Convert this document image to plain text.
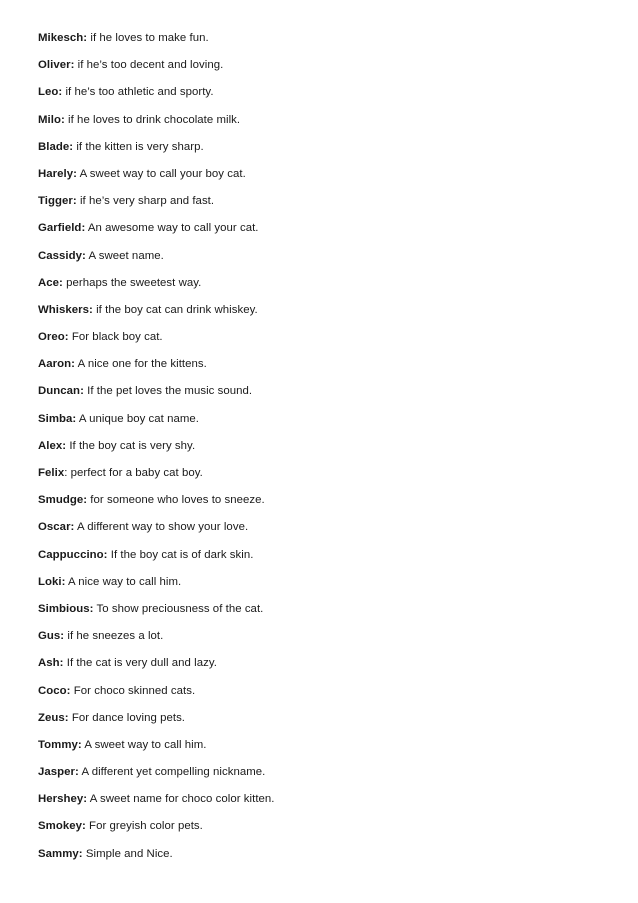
Mikesch: if he loves to make fun.
Oliver: if he’s too decent and loving.
Leo: if he’s too athletic and sporty.
Milo: if he loves to drink chocolate milk.
Blade: if the kitten is very sharp.
Harely: A sweet way to call your boy cat.
Tigger: if he’s very sharp and fast.
Garfield: An awesome way to call your cat.
Cassidy: A sweet name.
Ace: perhaps the sweetest way.
Whiskers: if the boy cat can drink whiskey.
Oreo: For black boy cat.
Aaron: A nice one for the kittens.
Duncan: If the pet loves the music sound.
Simba: A unique boy cat name.
Alex: If the boy cat is very shy.
Felix: perfect for a baby cat boy.
Smudge: for someone who loves to sneeze.
Oscar: A different way to show your love.
Cappuccino: If the boy cat is of dark skin.
Loki: A nice way to call him.
Simbious: To show preciousness of the cat.
Gus: if he sneezes a lot.
Ash: If the cat is very dull and lazy.
Coco: For choco skinned cats.
Zeus: For dance loving pets.
Tommy: A sweet way to call him.
Jasper: A different yet compelling nickname.
Hershey: A sweet name for choco color kitten.
Smokey: For greyish color pets.
Sammy: Simple and Nice.
